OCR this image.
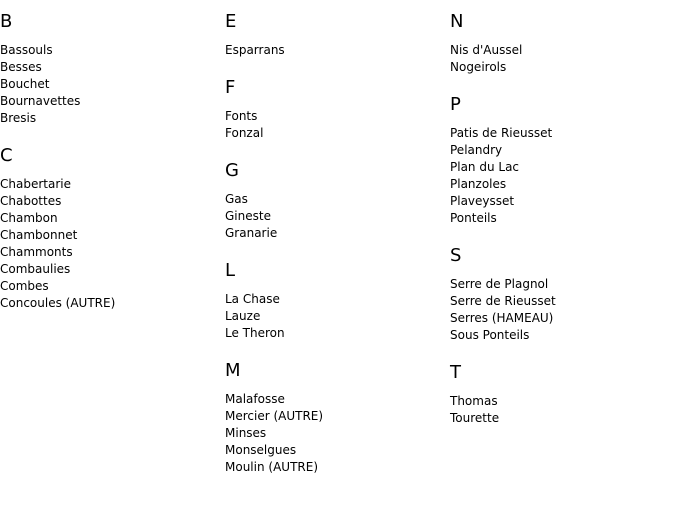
B
Bassouls
Besses
Bouchet
Bournavettes
Bresis
C
Chabertarie
Chabottes
Chambon
Chambonnet
Chammonts
Combaulies
Combes
Concoules (AUTRE)
E
Esparrans
F
Fonts
Fonzal
G
Gas
Gineste
Granarie
L
La Chase
Lauze
Le Theron
M
Malafosse
Mercier (AUTRE)
Minses
Monselgues
Moulin (AUTRE)
N
Nis d'Aussel
Nogeirols
P
Patis de Rieusset
Pelandry
Plan du Lac
Planzoles
Plaveysset
Ponteils
S
Serre de Plagnol
Serre de Rieusset
Serres (HAMEAU)
Sous Ponteils
T
Thomas
Tourette
